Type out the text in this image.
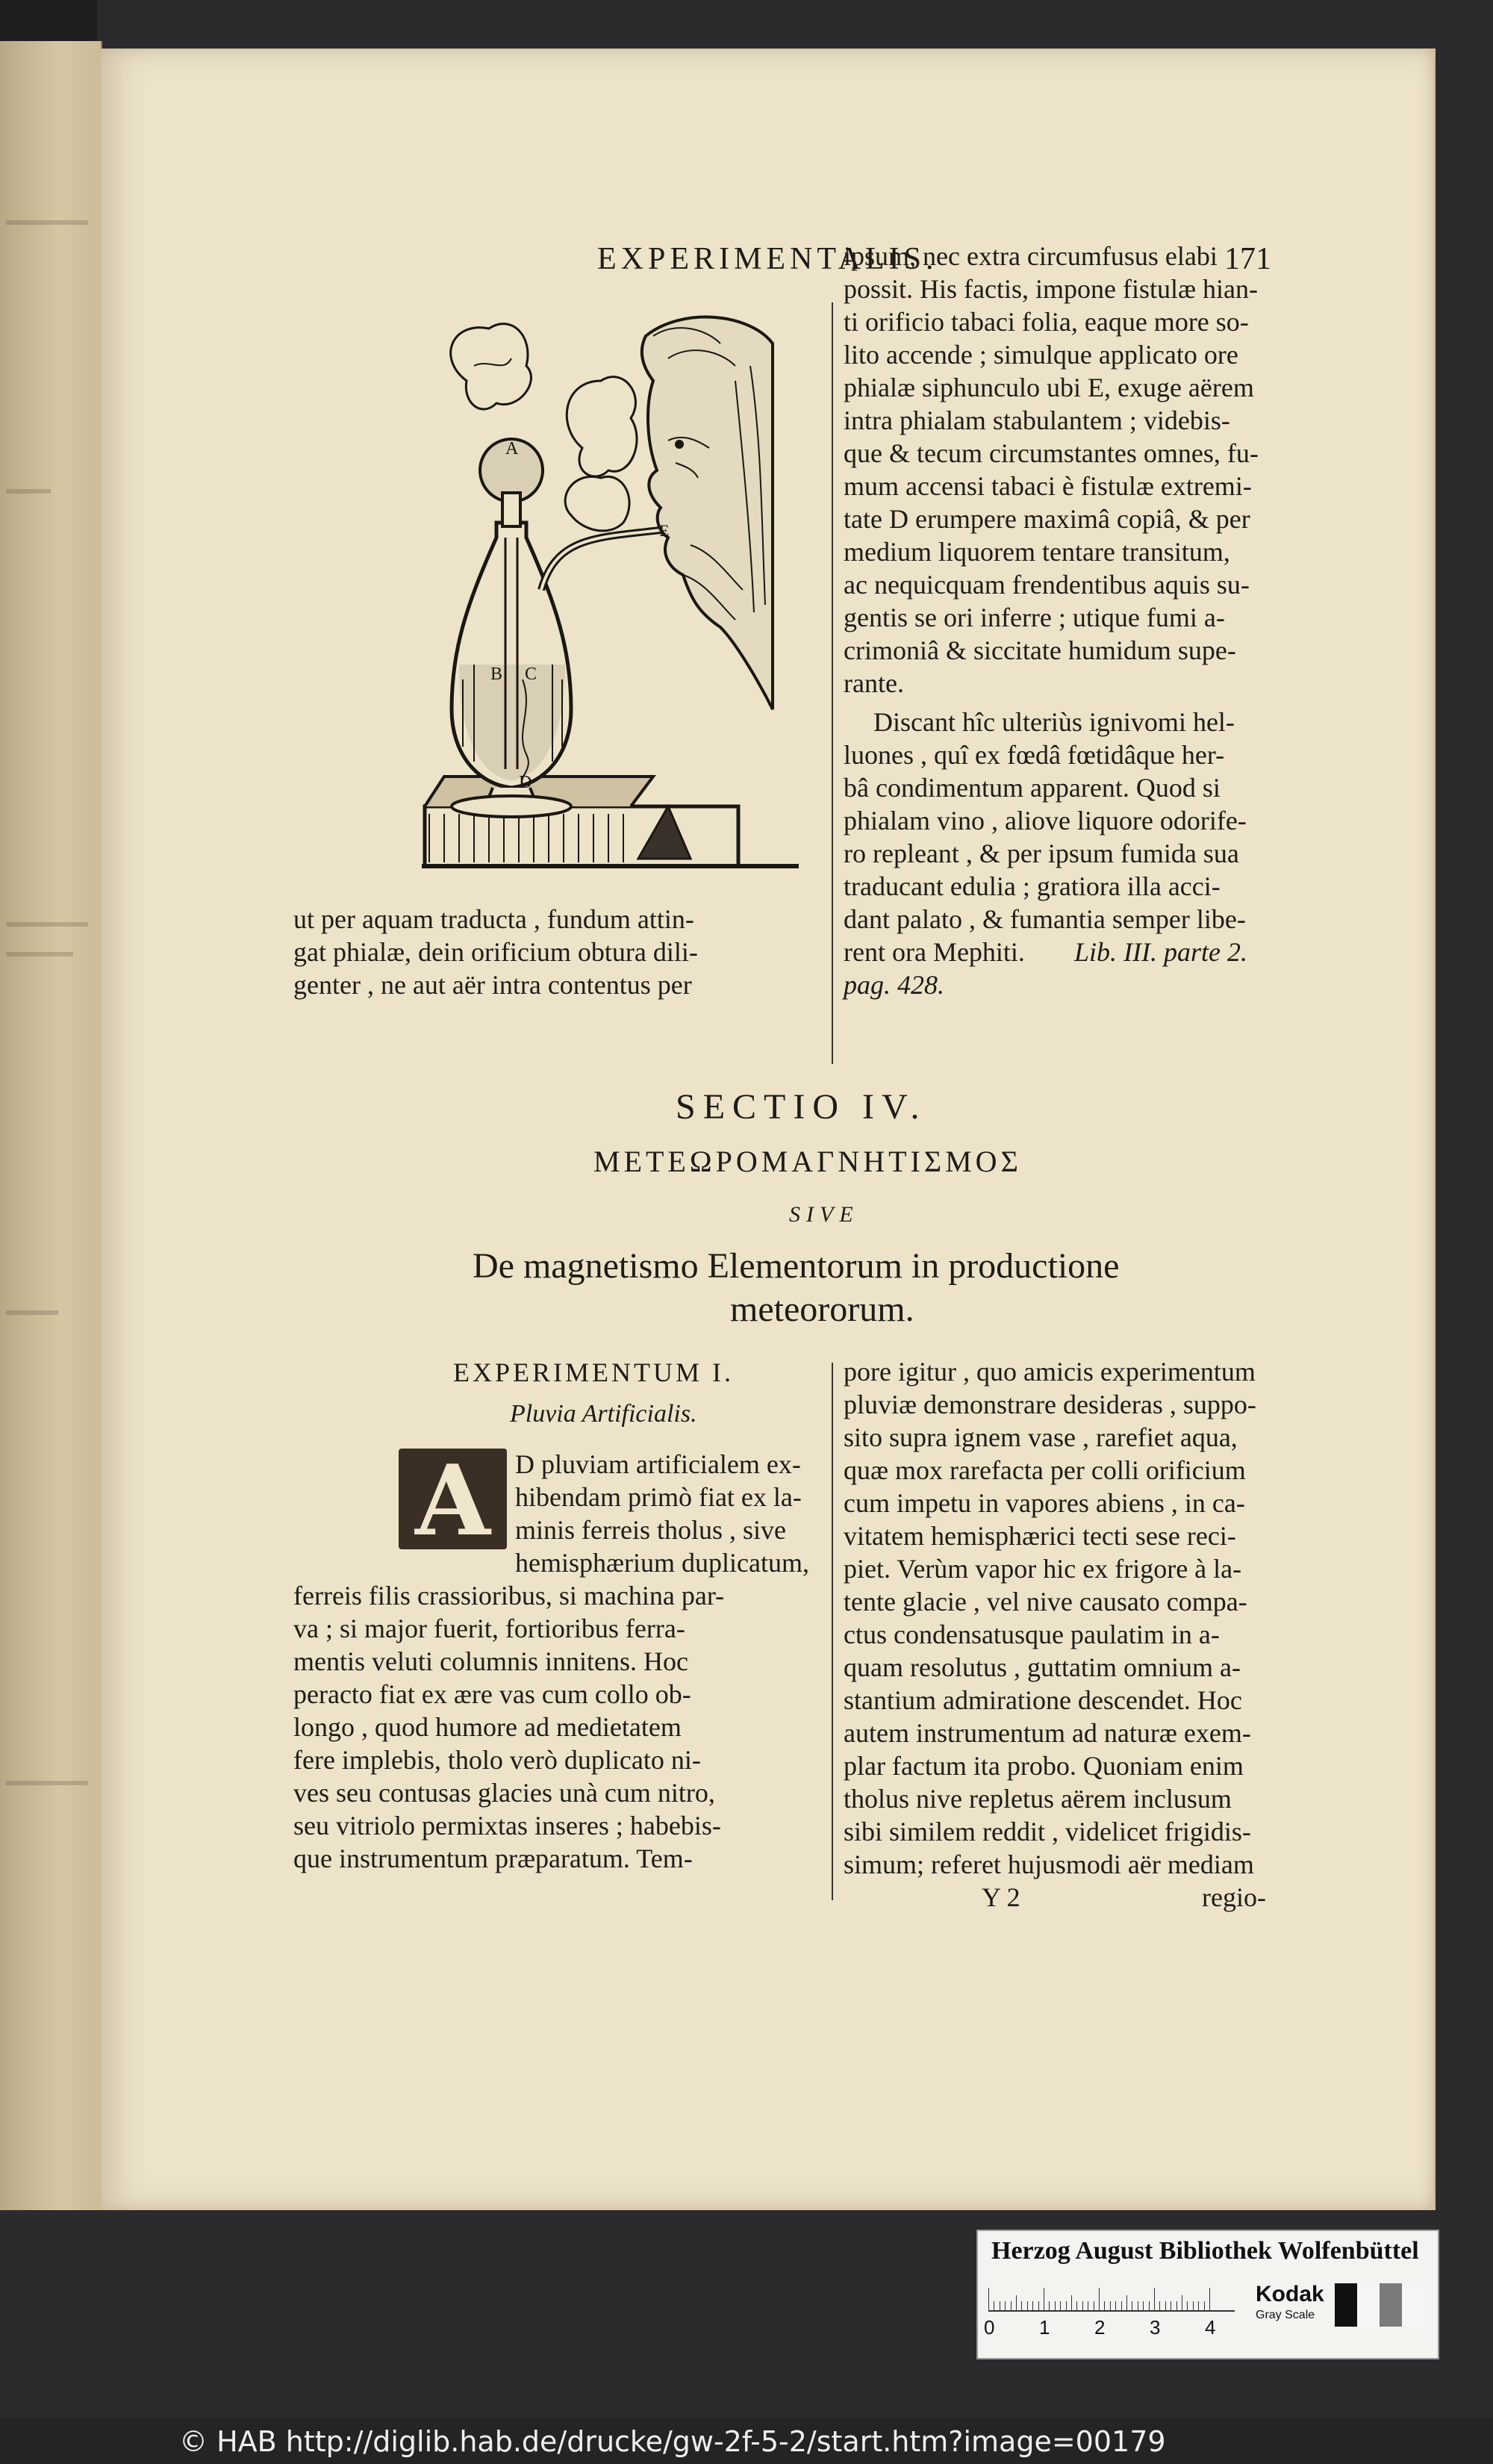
EXPERIMENTALIS.	171
A
B C
D
E
ipsum, nec extra circumfusus elabi
possit. His factis, impone fistulæ hian-
ti orificio tabaci folia, eaque more so-
lito accende ; simulque applicato ore
phialæ siphunculo ubi E, exuge aërem
intra phialam stabulantem ; videbis-
que & tecum circumstantes omnes, fu-
mum accensi tabaci è fistulæ extremi-
tate D erumpere maximâ copiâ, & per
medium liquorem tentare transitum,
ac nequicquam frendentibus aquis su-
gentis se ori inferre ; utique fumi a-
crimoniâ & siccitate humidum supe-
rante.
Discant hîc ulteriùs ignivomi hel-
luones , quî ex fœdâ fœtidâque her-
bâ condimentum apparent. Quod si
phialam vino , aliove liquore odorife-
ro repleant , & per ipsum fumida sua
traducant edulia ; gratiora illa acci-
dant palato , & fumantia semper libe-
rent ora Mephiti. Lib. III. parte 2.
pag. 428.
ut per aquam traducta , fundum attin-
gat phialæ, dein orificium obtura dili-
genter , ne aut aër intra contentus per
SECTIO IV.
ΜΕΤΕΩΡΟΜΑΓΝΗΤΙΣΜΟΣ
SIVE
De magnetismo Elementorum in productione
meteororum.
EXPERIMENTUM I.
Pluvia Artificialis.
A D pluviam artificialem ex-
hibendam primò fiat ex la-
minis ferreis tholus , sive
hemisphærium duplicatum,
ferreis filis crassioribus, si machina par-
va ; si major fuerit, fortioribus ferra-
mentis veluti columnis innitens. Hoc
peracto fiat ex ære vas cum collo ob-
longo , quod humore ad medietatem
fere implebis, tholo verò duplicato ni-
ves seu contusas glacies unà cum nitro,
seu vitriolo permixtas inseres ; habebis-
que instrumentum præparatum. Tem-
pore igitur , quo amicis experimentum
pluviæ demonstrare desideras , suppo-
sito supra ignem vase , rarefiet aqua,
quæ mox rarefacta per colli orificium
cum impetu in vapores abiens , in ca-
vitatem hemisphærici tecti sese reci-
piet. Verùm vapor hic ex frigore à la-
tente glacie , vel nive causato compa-
ctus condensatusque paulatim in a-
quam resolutus , guttatim omnium a-
stantium admiratione descendet. Hoc
autem instrumentum ad naturæ exem-
plar factum ita probo. Quoniam enim
tholus nive repletus aërem inclusum
sibi similem reddit , videlicet frigidis-
simum; referet hujusmodi aër mediam
Y 2	regio-
Herzog August Bibliothek Wolfenbüttel
0 1 2 3 4
Kodak
Gray Scale
© HAB http://diglib.hab.de/drucke/gw-2f-5-2/start.htm?image=00179
